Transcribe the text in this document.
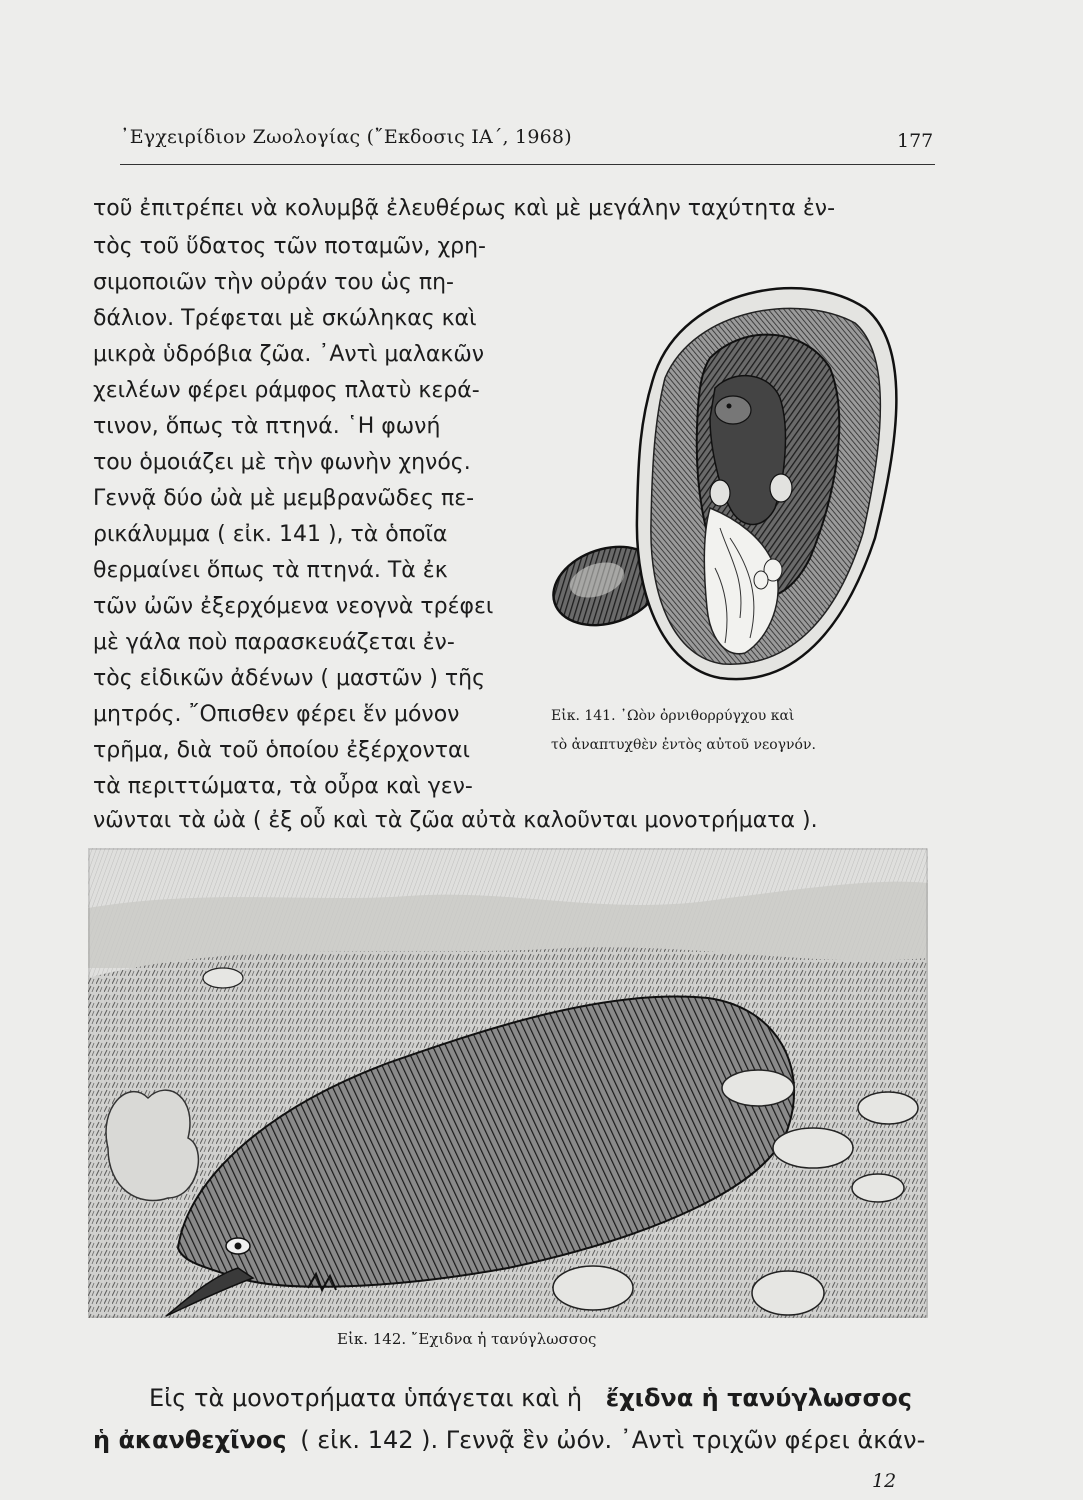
᾿Εγχειρίδιον Ζωολογίας (῎Εκδοσις ΙΑ΄, 1968)	177
τοῦ ἐπιτρέπει νὰ κολυμβᾷ ἐλευθέρως καὶ μὲ μεγάλην ταχύτητα ἐν-
τὸς τοῦ ὕδατος τῶν ποταμῶν, χρη-
σιμοποιῶν τὴν οὐράν του ὡς πη-
δάλιον. Τρέφεται μὲ σκώληκας καὶ
μικρὰ ὑδρόβια ζῶα. ᾿Αντὶ μαλακῶν
χειλέων φέρει ράμφος πλατὺ κερά-
τινον, ὅπως τὰ πτηνά. ῾Η φωνή
του ὁμοιάζει μὲ τὴν φωνὴν χηνός.
Γεννᾷ δύο ὠὰ μὲ μεμβρανῶδες πε-
ρικάλυμμα ( εἰκ. 141 ), τὰ ὁποῖα
θερμαίνει ὅπως τὰ πτηνά. Τὰ ἐκ
τῶν ὠῶν ἐξερχόμενα νεογνὰ τρέφει
μὲ γάλα ποὺ παρασκευάζεται ἐν-
τὸς εἰδικῶν ἀδένων ( μαστῶν ) τῆς
μητρός. ῎Οπισθεν φέρει ἕν μόνον
τρῆμα, διὰ τοῦ ὁποίου ἐξέρχονται
τὰ περιττώματα, τὰ οὖρα καὶ γεν-
νῶνται τὰ ὠὰ ( ἐξ οὗ καὶ τὰ ζῶα αὐτὰ καλοῦνται μονοτρήματα ).
Εἰκ. 141. ᾿Ωὸν ὀρνιθορρύγχου καὶ
τὸ ἀναπτυχθὲν ἐντὸς αὐτοῦ νεογνόν.
Εἰκ. 142. ῎Εχιδνα ἡ τανύγλωσσος
Εἰς τὰ μονοτρήματα ὑπάγεται καὶ ἡ ἔχιδνα ἡ τανύγλωσσος
ἡ ἀκανθεχῖνος ( εἰκ. 142 ). Γεννᾷ ἓν ὠόν. ᾿Αντὶ τριχῶν φέρει ἀκάν-
12
